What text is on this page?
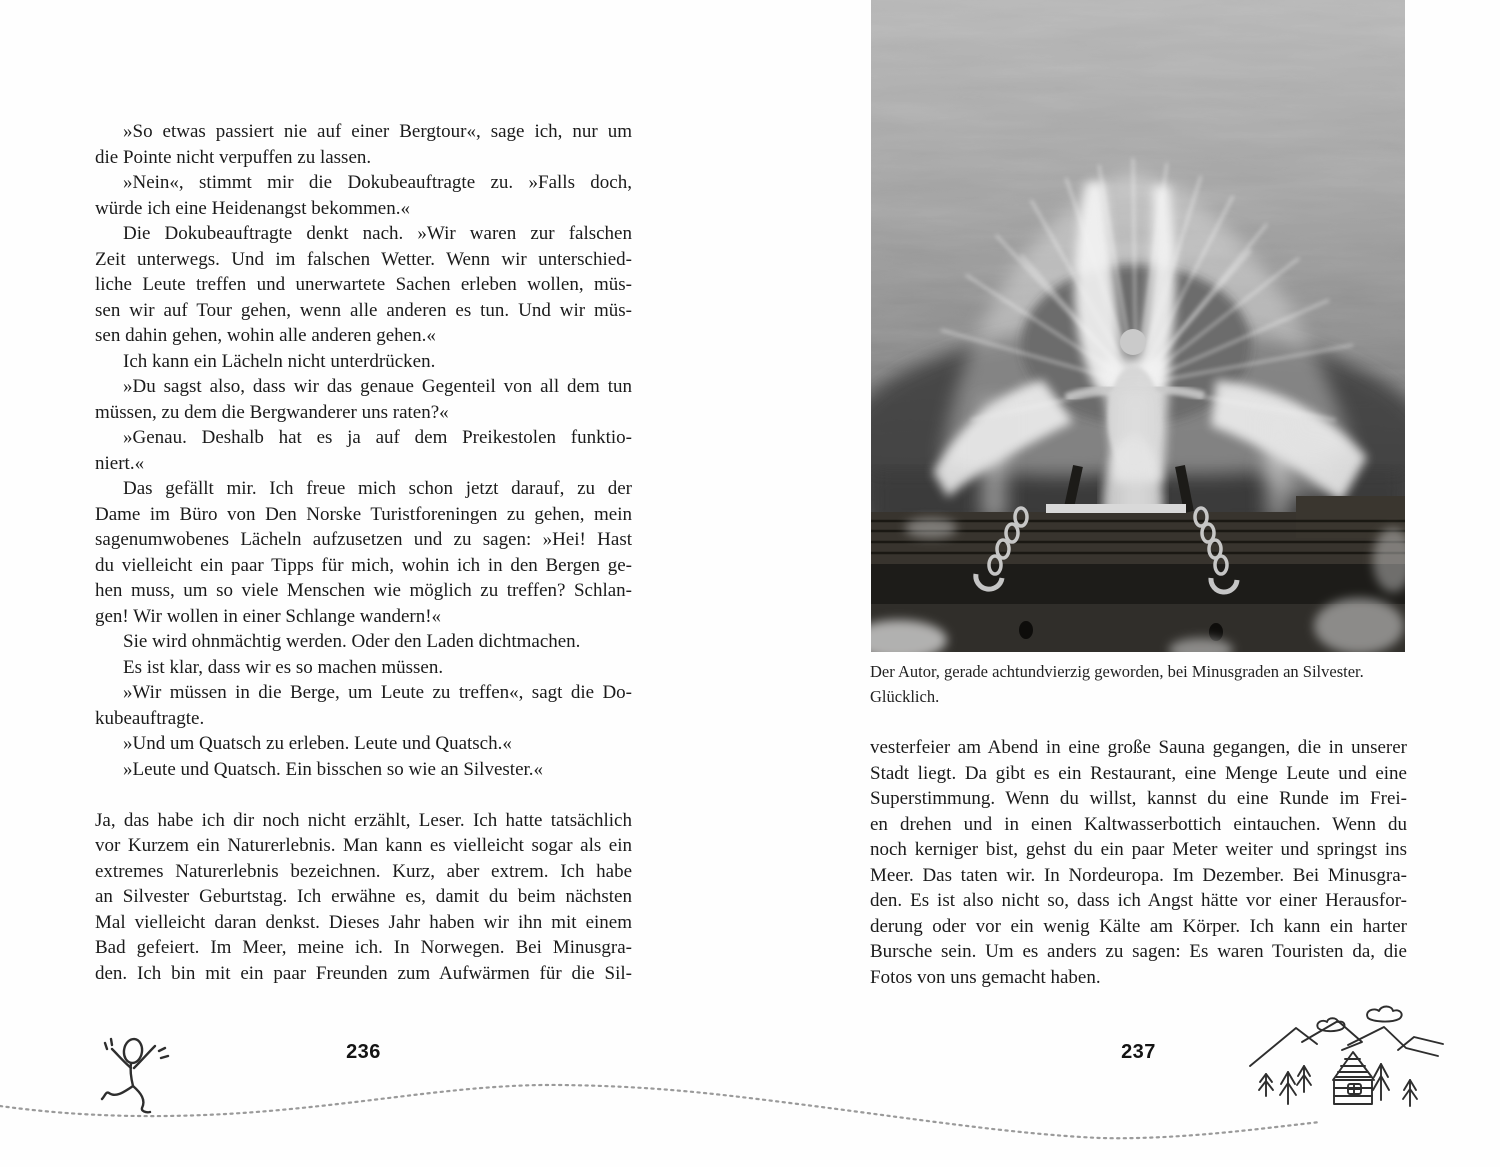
»So etwas passiert nie auf einer Bergtour«, sage ich, nur um
die Pointe nicht verpuffen zu lassen.
»Nein«, stimmt mir die Dokubeauftragte zu. »Falls doch,
würde ich eine Heidenangst bekommen.«
Die Dokubeauftragte denkt nach. »Wir waren zur falschen
Zeit unterwegs. Und im falschen Wetter. Wenn wir unterschied-
liche Leute treffen und unerwartete Sachen erleben wollen, müs-
sen wir auf Tour gehen, wenn alle anderen es tun. Und wir müs-
sen dahin gehen, wohin alle anderen gehen.«
Ich kann ein Lächeln nicht unterdrücken.
»Du sagst also, dass wir das genaue Gegenteil von all dem tun
müssen, zu dem die Bergwanderer uns raten?«
»Genau. Deshalb hat es ja auf dem Preikestolen funktio-
niert.«
Das gefällt mir. Ich freue mich schon jetzt darauf, zu der
Dame im Büro von Den Norske Turistforeningen zu gehen, mein
sagenumwobenes Lächeln aufzusetzen und zu sagen: »Hei! Hast
du vielleicht ein paar Tipps für mich, wohin ich in den Bergen ge-
hen muss, um so viele Menschen wie möglich zu treffen? Schlan-
gen! Wir wollen in einer Schlange wandern!«
Sie wird ohnmächtig werden. Oder den Laden dichtmachen.
Es ist klar, dass wir es so machen müssen.
»Wir müssen in die Berge, um Leute zu treffen«, sagt die Do-
kubeauftragte.
»Und um Quatsch zu erleben. Leute und Quatsch.«
»Leute und Quatsch. Ein bisschen so wie an Silvester.«
Ja, das habe ich dir noch nicht erzählt, Leser. Ich hatte tatsächlich
vor Kurzem ein Naturerlebnis. Man kann es vielleicht sogar als ein
extremes Naturerlebnis bezeichnen. Kurz, aber extrem. Ich habe
an Silvester Geburtstag. Ich erwähne es, damit du beim nächsten
Mal vielleicht daran denkst. Dieses Jahr haben wir ihn mit einem
Bad gefeiert. Im Meer, meine ich. In Norwegen. Bei Minusgra-
den. Ich bin mit ein paar Freunden zum Aufwärmen für die Sil-
Der Autor, gerade achtundvierzig geworden, bei Minusgraden an Silvester.
Glücklich.
vesterfeier am Abend in eine große Sauna gegangen, die in unserer
Stadt liegt. Da gibt es ein Restaurant, eine Menge Leute und eine
Superstimmung. Wenn du willst, kannst du eine Runde im Frei-
en drehen und in einen Kaltwasserbottich eintauchen. Wenn du
noch kerniger bist, gehst du ein paar Meter weiter und springst ins
Meer. Das taten wir. In Nordeuropa. Im Dezember. Bei Minusgra-
den. Es ist also nicht so, dass ich Angst hätte vor einer Herausfor-
derung oder vor ein wenig Kälte am Körper. Ich kann ein harter
Bursche sein. Um es anders zu sagen: Es waren Touristen da, die
Fotos von uns gemacht haben.
236	237
